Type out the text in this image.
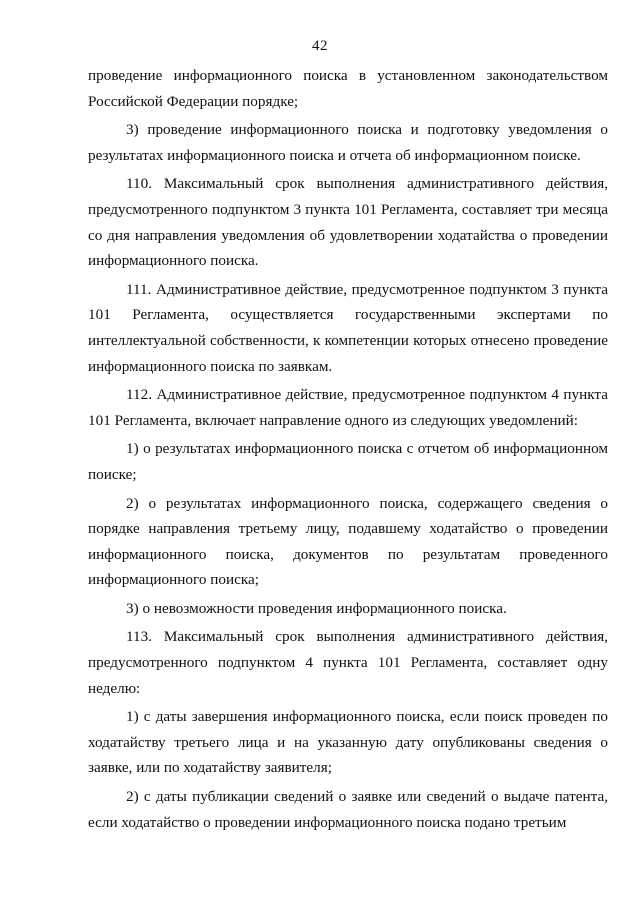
42

проведение информационного поиска в установленном законодательством Российской Федерации порядке;

3) проведение информационного поиска и подготовку уведомления о результатах информационного поиска и отчета об информационном поиске.

110. Максимальный срок выполнения административного действия, предусмотренного подпунктом 3 пункта 101 Регламента, составляет три месяца со дня направления уведомления об удовлетворении ходатайства о проведении информационного поиска.

111. Административное действие, предусмотренное подпунктом 3 пункта 101 Регламента, осуществляется государственными экспертами по интеллектуальной собственности, к компетенции которых отнесено проведение информационного поиска по заявкам.

112. Административное действие, предусмотренное подпунктом 4 пункта 101 Регламента, включает направление одного из следующих уведомлений:

1) о результатах информационного поиска с отчетом об информационном поиске;

2) о результатах информационного поиска, содержащего сведения о порядке направления третьему лицу, подавшему ходатайство о проведении информационного поиска, документов по результатам проведенного информационного поиска;

3) о невозможности проведения информационного поиска.

113. Максимальный срок выполнения административного действия, предусмотренного подпунктом 4 пункта 101 Регламента, составляет одну неделю:

1) с даты завершения информационного поиска, если поиск проведен по ходатайству третьего лица и на указанную дату опубликованы сведения о заявке, или по ходатайству заявителя;

2) с даты публикации сведений о заявке или сведений о выдаче патента, если ходатайство о проведении информационного поиска подано третьим
